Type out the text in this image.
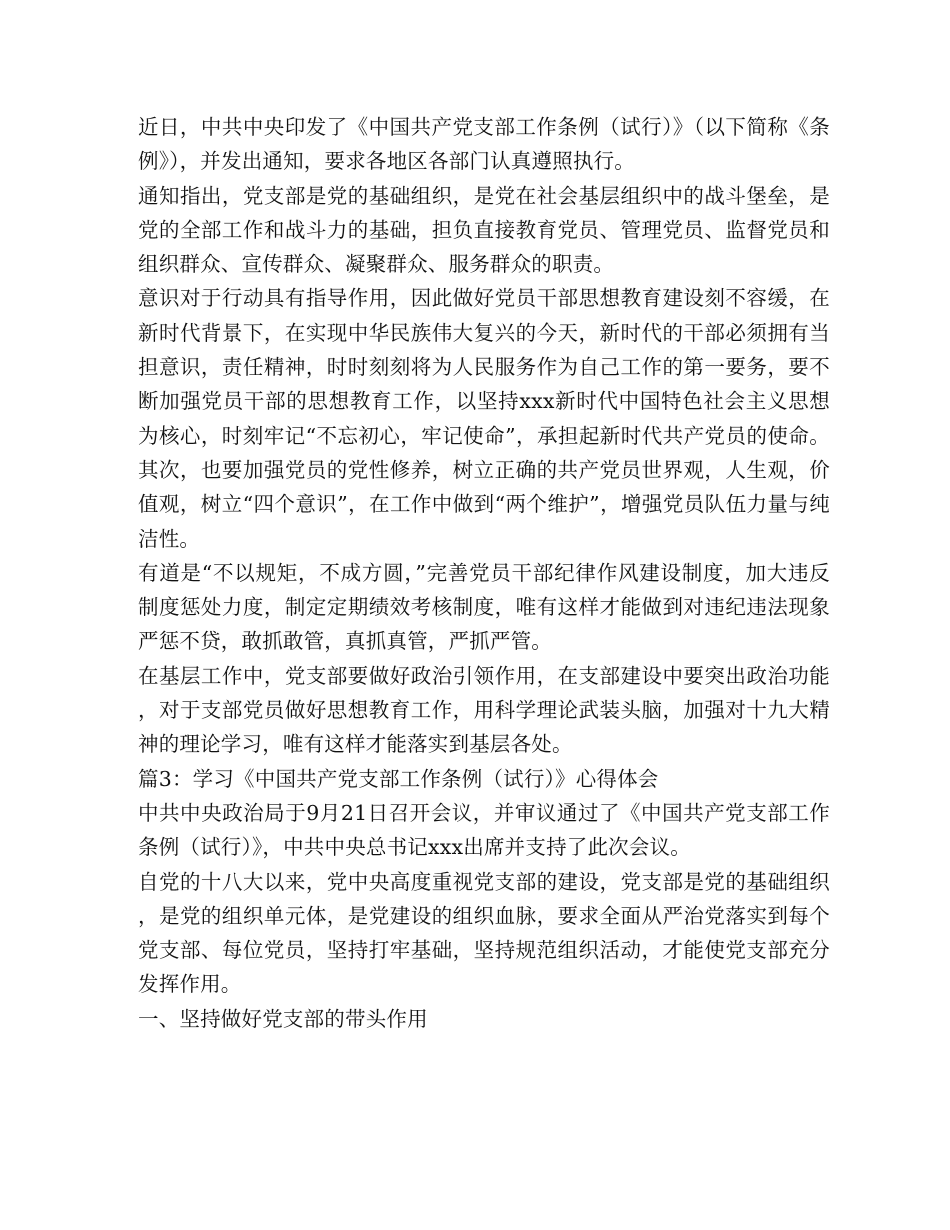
近日，中共中央印发了《中国共产党支部工作条例（试行）》（以下简称《条例》），并发出通知，要求各地区各部门认真遵照执行。

通知指出，党支部是党的基础组织，是党在社会基层组织中的战斗堡垒，是党的全部工作和战斗力的基础，担负直接教育党员、管理党员、监督党员和组织群众、宣传群众、凝聚群众、服务群众的职责。

意识对于行动具有指导作用，因此做好党员干部思想教育建设刻不容缓，在新时代背景下，在实现中华民族伟大复兴的今天，新时代的干部必须拥有当担意识，责任精神，时时刻刻将为人民服务作为自己工作的第一要务，要不断加强党员干部的思想教育工作，以坚持xxx新时代中国特色社会主义思想为核心，时刻牢记“不忘初心，牢记使命”，承担起新时代共产党员的使命。其次，也要加强党员的党性修养，树立正确的共产党员世界观，人生观，价值观，树立“四个意识”，在工作中做到“两个维护”，增强党员队伍力量与纯洁性。

有道是“不以规矩，不成方圆，”完善党员干部纪律作风建设制度，加大违反制度惩处力度，制定定期绩效考核制度，唯有这样才能做到对违纪违法现象严惩不贷，敢抓敢管，真抓真管，严抓严管。

在基层工作中，党支部要做好政治引领作用，在支部建设中要突出政治功能，对于支部党员做好思想教育工作，用科学理论武装头脑，加强对十九大精神的理论学习，唯有这样才能落实到基层各处。

篇3：学习《中国共产党支部工作条例（试行）》心得体会

中共中央政治局于9月21日召开会议，并审议通过了《中国共产党支部工作条例（试行）》，中共中央总书记xxx出席并支持了此次会议。

自党的十八大以来，党中央高度重视党支部的建设，党支部是党的基础组织，是党的组织单元体，是党建设的组织血脉，要求全面从严治党落实到每个党支部、每位党员，坚持打牢基础，坚持规范组织活动，才能使党支部充分发挥作用。

一、坚持做好党支部的带头作用
